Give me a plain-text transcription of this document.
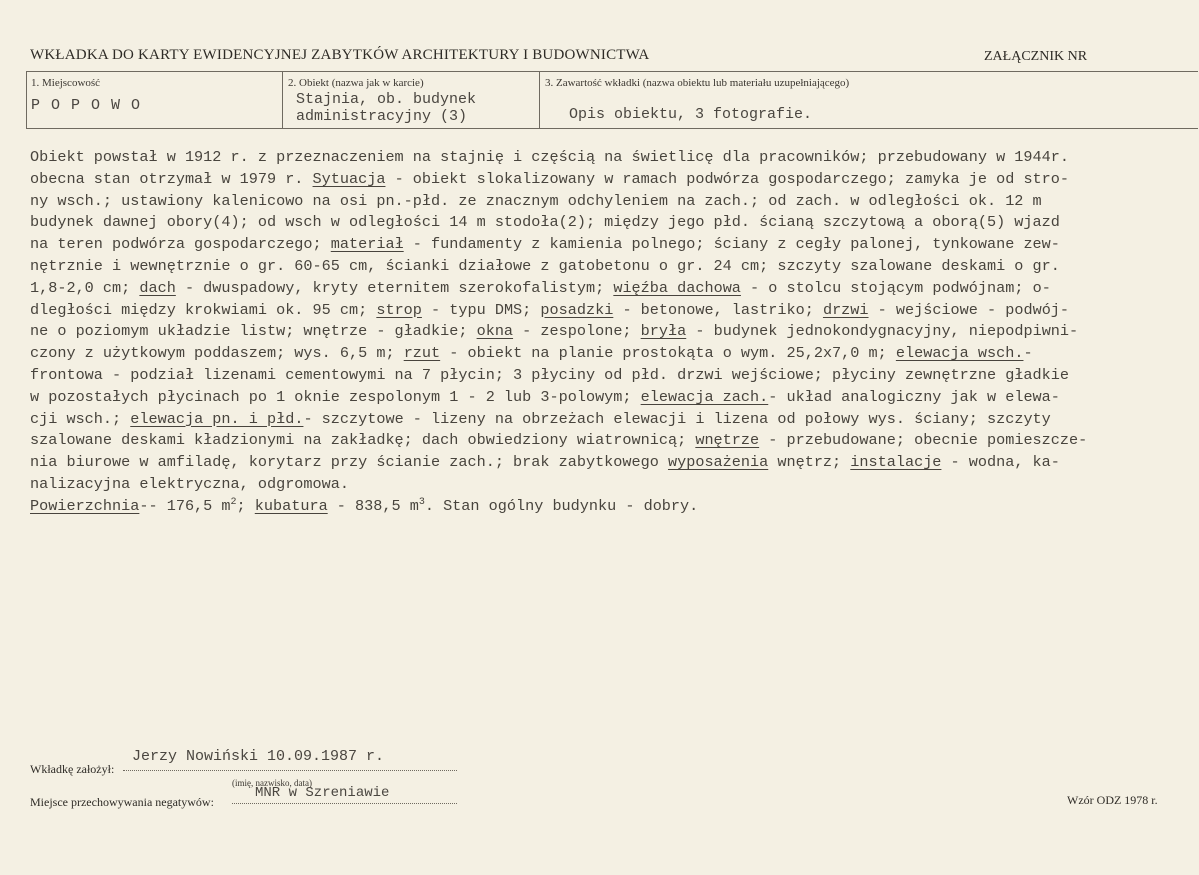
WKŁADKA DO KARTY EWIDENCYJNEJ ZABYTKÓW ARCHITEKTURY I BUDOWNICTWA	ZAŁĄCZNIK NR
1. Miejscowość
P O P O W O
2. Obiekt (nazwa jak w karcie)
Stajnia, ob. budynek
administracyjny (3)
3. Zawartość wkładki (nazwa obiektu lub materiału uzupełniającego)
Opis obiektu, 3 fotografie.
Obiekt powstał w 1912 r. z przeznaczeniem na stajnię i częścią na świetlicę dla pracowników; przebudowany w 1944r.
obecna stan otrzymał w 1979 r. Sytuacja - obiekt slokalizowany w ramach podwórza gospodarczego; zamyka je od stro-
ny wsch.; ustawiony kalenicowo na osi pn.-płd. ze znacznym odchyleniem na zach.; od zach. w odległości ok. 12 m
budynek dawnej obory(4); od wsch w odległości 14 m stodoła(2); między jego płd. ścianą szczytową a oborą(5) wjazd
na teren podwórza gospodarczego; materiał - fundamenty z kamienia polnego; ściany z cegły palonej, tynkowane zew-
nętrznie i wewnętrznie o gr. 60-65 cm, ścianki działowe z gatobetonu o gr. 24 cm; szczyty szalowane deskami o gr.
1,8-2,0 cm; dach - dwuspadowy, kryty eternitem szerokofalistym; więźba dachowa - o stolcu stojącym podwójnam; o-
dległości między krokwiami ok. 95 cm; strop - typu DMS; posadzki - betonowe, lastriko; drzwi - wejściowe - podwój-
ne o poziomym układzie listw; wnętrze - gładkie; okna - zespolone; bryła - budynek jednokondygnacyjny, niepodpiwni-
czony z użytkowym poddaszem; wys. 6,5 m; rzut - obiekt na planie prostokąta o wym. 25,2x7,0 m; elewacja wsch.-
frontowa - podział lizenami cementowymi na 7 płycin; 3 płyciny od płd. drzwi wejściowe; płyciny zewnętrzne gładkie
w pozostałych płycinach po 1 oknie zespolonym 1 - 2 lub 3-polowym; elewacja zach.- układ analogiczny jak w elewa-
cji wsch.; elewacja pn. i płd.- szczytowe - lizeny na obrzeżach elewacji i lizena od połowy wys. ściany; szczyty
szalowane deskami kładzionymi na zakładkę; dach obwiedziony wiatrownicą; wnętrze - przebudowane; obecnie pomieszcze-
nia biurowe w amfiladę, korytarz przy ścianie zach.; brak zabytkowego wyposażenia wnętrz; instalacje - wodna, ka-
nalizacyjna elektryczna, odgromowa.
Powierzchnia-- 176,5 $m^2$; kubatura - 838,5 $m^3$. Stan ogólny budynku - dobry.
Wkładkę założył:
Jerzy Nowiński 10.09.1987 r.
(imię, nazwisko, data)
Miejsce przechowywania negatywów:
MNR w Szreniawie	Wzór ODZ 1978 r.
